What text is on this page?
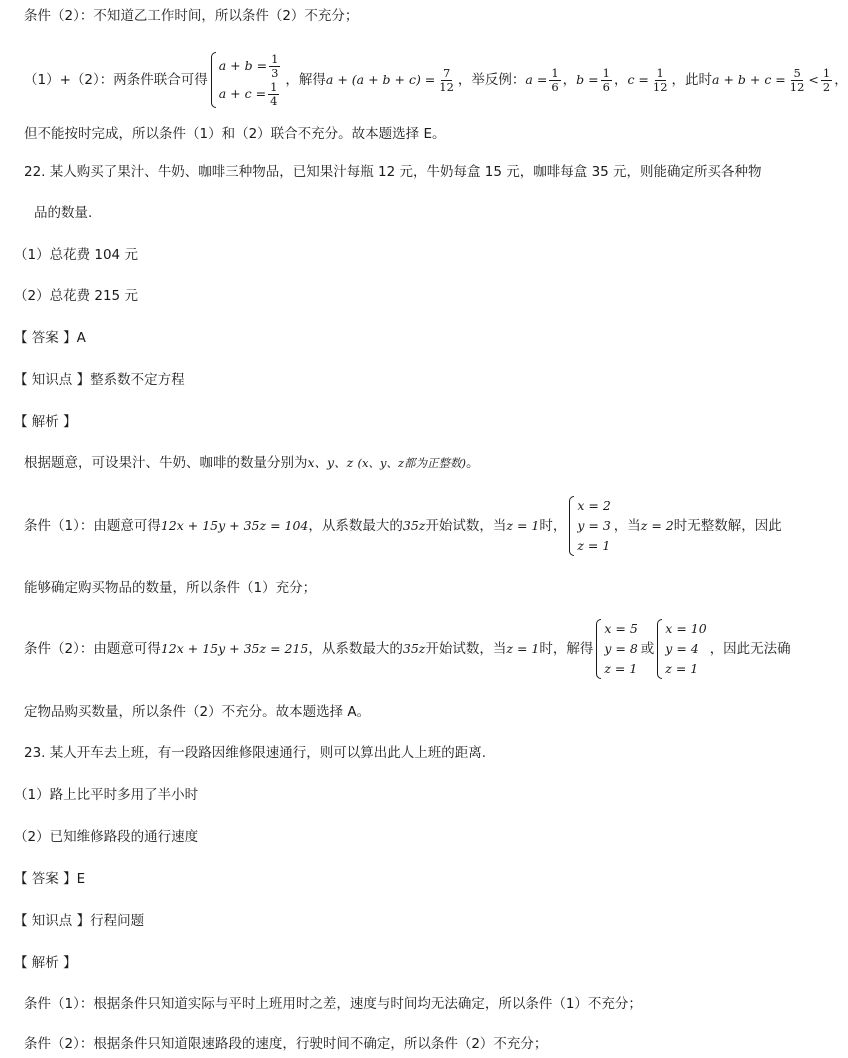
条件（2）：不知道乙工作时间，所以条件（2）不充分；
（1）+（2）：两条件联合可得
$a + b = \frac{1}{3}$
$a + c = \frac{1}{4}$
，解得 $a + (a + b + c) = \frac{7}{12}$ ，举反例： $a = \frac{1}{6}$ ， $b = \frac{1}{6}$ ， $c = \frac{1}{12}$ ，此时 $a + b + c = \frac{5}{12} < \frac{1}{2}$ ，
但不能按时完成，所以条件（1）和（2）联合不充分。故本题选择 E。
22. 某人购买了果汁、牛奶、咖啡三种物品，已知果汁每瓶 12 元，牛奶每盒 15 元，咖啡每盒 35 元，则能确定所买各种物
品的数量.
（1）总花费 104 元
（2）总花费 215 元
【 答案 】A
【 知识点 】整系数不定方程
【 解析 】
根据题意，可设果汁、牛奶、咖啡的数量分别为x、y、z (x、y、z都为正整数)。
条件（1）：由题意可得 12x + 15y + 35z = 104 ，从系数最大的 35z 开始试数，当 z = 1 时，
x = 2
y = 3
z = 1
，当 z = 2 时无整数解，因此
能够确定购买物品的数量，所以条件（1）充分；
条件（2）：由题意可得 12x + 15y + 35z = 215 ，从系数最大的 35z 开始试数，当 z = 1 时，解得
x = 5
y = 8
z = 1
或
x = 10
y = 4
z = 1
，因此无法确
定物品购买数量，所以条件（2）不充分。故本题选择 A。
23. 某人开车去上班，有一段路因维修限速通行，则可以算出此人上班的距离.
（1）路上比平时多用了半小时
（2）已知维修路段的通行速度
【 答案 】E
【 知识点 】行程问题
【 解析 】
条件（1）：根据条件只知道实际与平时上班用时之差，速度与时间均无法确定，所以条件（1）不充分；
条件（2）：根据条件只知道限速路段的速度，行驶时间不确定，所以条件（2）不充分；
